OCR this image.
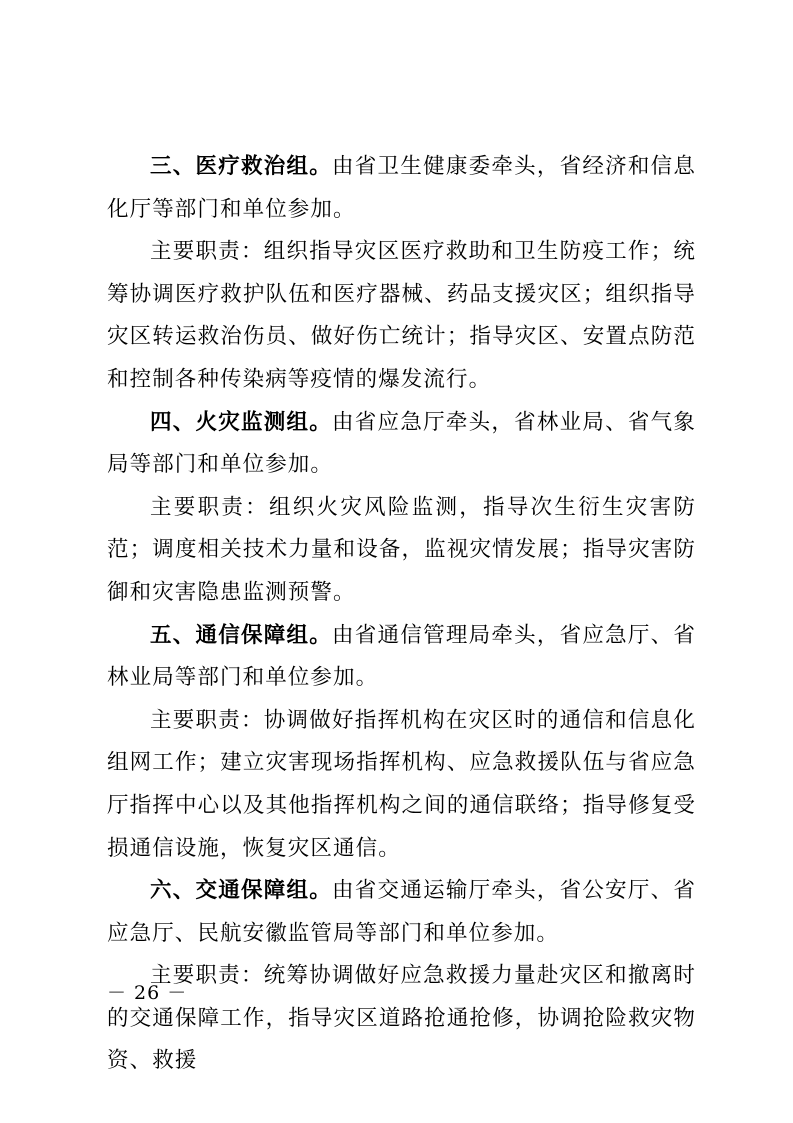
三、医疗救治组。由省卫生健康委牵头，省经济和信息化厅等部门和单位参加。

主要职责：组织指导灾区医疗救助和卫生防疫工作；统筹协调医疗救护队伍和医疗器械、药品支援灾区；组织指导灾区转运救治伤员、做好伤亡统计；指导灾区、安置点防范和控制各种传染病等疫情的爆发流行。

四、火灾监测组。由省应急厅牵头，省林业局、省气象局等部门和单位参加。

主要职责：组织火灾风险监测，指导次生衍生灾害防范；调度相关技术力量和设备，监视灾情发展；指导灾害防御和灾害隐患监测预警。

五、通信保障组。由省通信管理局牵头，省应急厅、省林业局等部门和单位参加。

主要职责：协调做好指挥机构在灾区时的通信和信息化组网工作；建立灾害现场指挥机构、应急救援队伍与省应急厅指挥中心以及其他指挥机构之间的通信联络；指导修复受损通信设施，恢复灾区通信。

六、交通保障组。由省交通运输厅牵头，省公安厅、省应急厅、民航安徽监管局等部门和单位参加。

主要职责：统筹协调做好应急救援力量赴灾区和撤离时的交通保障工作，指导灾区道路抢通抢修，协调抢险救灾物资、救援

－ 26 －
